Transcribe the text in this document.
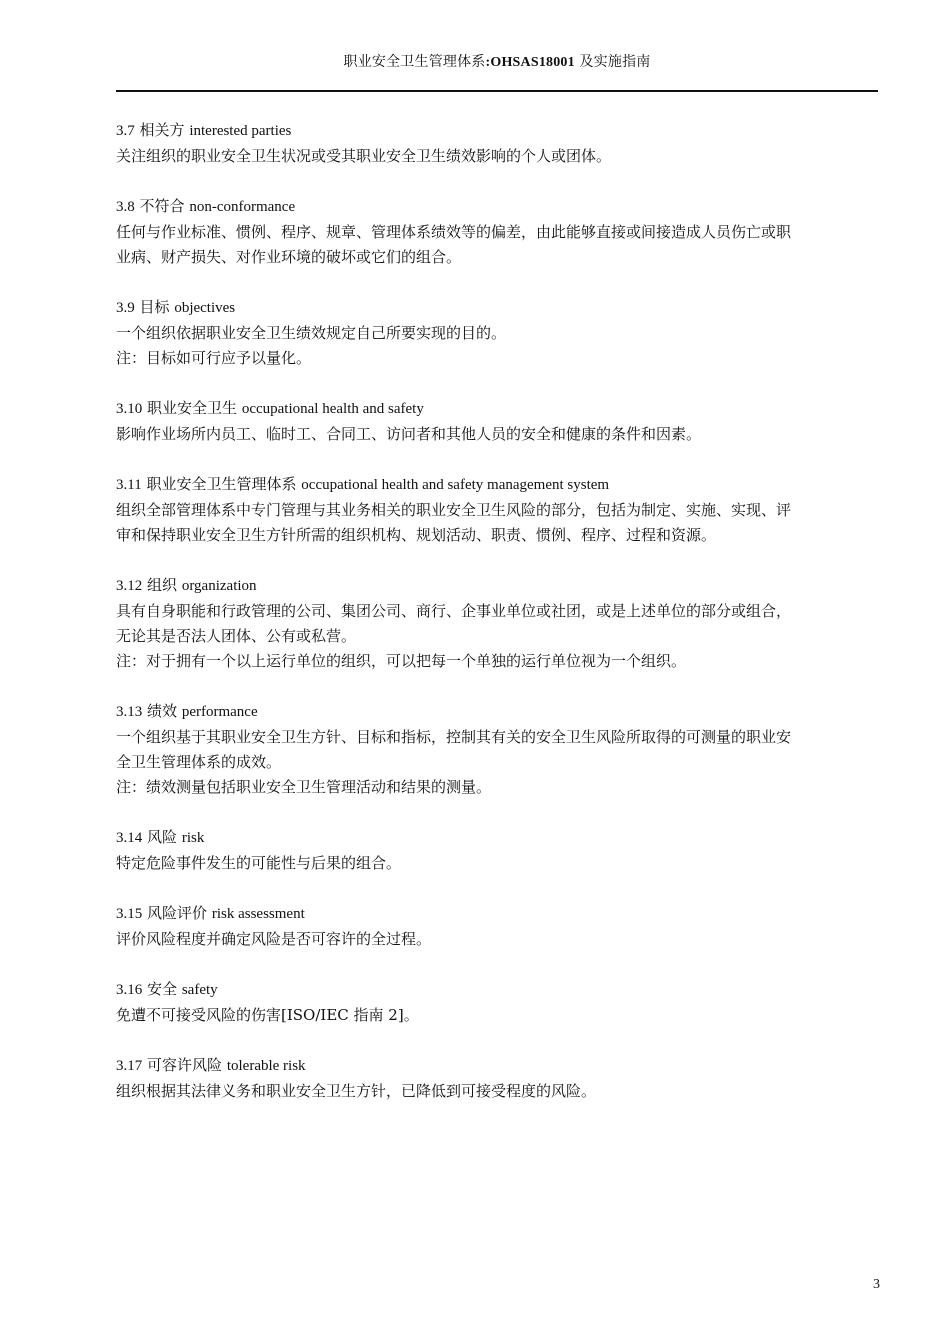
职业安全卫生管理体系:OHSAS18001 及实施指南
3.7 相关方 interested parties
关注组织的职业安全卫生状况或受其职业安全卫生绩效影响的个人或团体。
3.8 不符合 non-conformance
任何与作业标准、惯例、程序、规章、管理体系绩效等的偏差，由此能够直接或间接造成人员伤亡或职
业病、财产损失、对作业环境的破坏或它们的组合。
3.9 目标 objectives
一个组织依据职业安全卫生绩效规定自己所要实现的目的。
注：目标如可行应予以量化。
3.10 职业安全卫生 occupational health and safety
影响作业场所内员工、临时工、合同工、访问者和其他人员的安全和健康的条件和因素。
3.11 职业安全卫生管理体系 occupational health and safety management system
组织全部管理体系中专门管理与其业务相关的职业安全卫生风险的部分，包括为制定、实施、实现、评
审和保持职业安全卫生方针所需的组织机构、规划活动、职责、惯例、程序、过程和资源。
3.12 组织 organization
具有自身职能和行政管理的公司、集团公司、商行、企事业单位或社团，或是上述单位的部分或组合，
无论其是否法人团体、公有或私营。
注：对于拥有一个以上运行单位的组织，可以把每一个单独的运行单位视为一个组织。
3.13 绩效 performance
一个组织基于其职业安全卫生方针、目标和指标，控制其有关的安全卫生风险所取得的可测量的职业安
全卫生管理体系的成效。
注：绩效测量包括职业安全卫生管理活动和结果的测量。
3.14 风险 risk
特定危险事件发生的可能性与后果的组合。
3.15 风险评价 risk assessment
评价风险程度并确定风险是否可容许的全过程。
3.16 安全 safety
免遭不可接受风险的伤害[ISO/IEC 指南 2]。
3.17 可容许风险 tolerable risk
组织根据其法律义务和职业安全卫生方针，已降低到可接受程度的风险。
3
